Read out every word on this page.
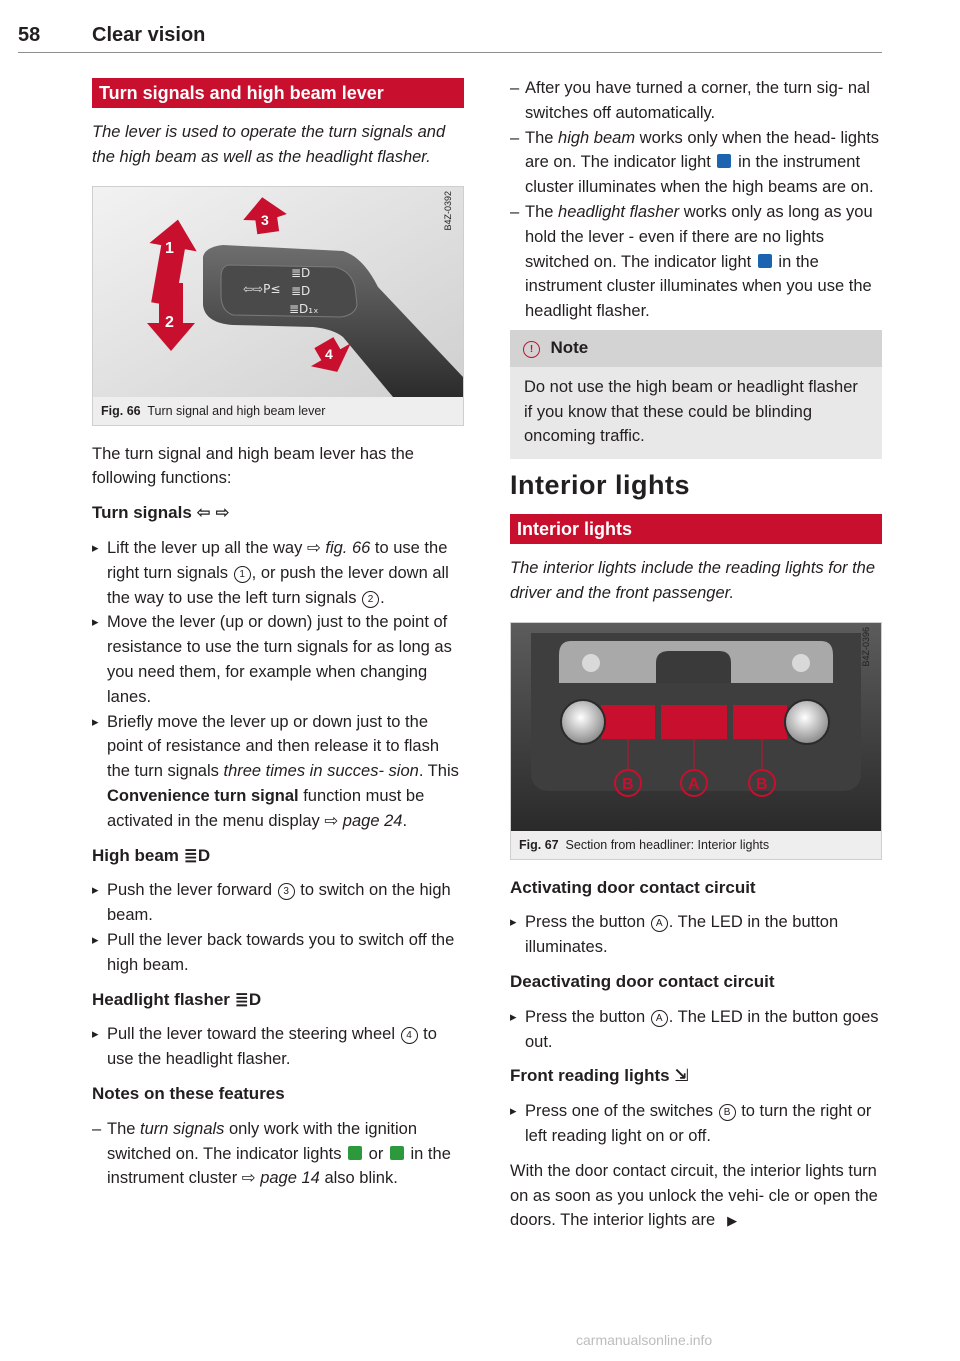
58	Clear vision
Turn signals and high beam lever

The lever is used to operate the turn signals and the high beam as well as the headlight flasher.

⇦⇨P≤
≣D
≣D
≣D₁ₓ
1
2
3
4
B4Z-0392
Fig. 66 Turn signal and high beam lever

The turn signal and high beam lever has the following functions:

Turn signals ⇦ ⇨

▸ Lift the lever up all the way ⇨ fig. 66 to use the right turn signals 1 , or push the lever down all the way to use the left turn signals 2 .

▸ Move the lever (up or down) just to the point of resistance to use the turn signals for as long as you need them, for example when changing lanes.

▸ Briefly move the lever up or down just to the point of resistance and then release it to flash the turn signals three times in succes- sion. This Convenience turn signal function must be activated in the menu display ⇨ page 24.

High beam ≣D

▸ Push the lever forward 3 to switch on the high beam.

▸ Pull the lever back towards you to switch off the high beam.

Headlight flasher ≣D

▸ Pull the lever toward the steering wheel 4 to use the headlight flasher.

Notes on these features

– The turn signals only work with the ignition switched on. The indicator lights  or  in the instrument cluster ⇨ page 14 also blink.

– After you have turned a corner, the turn sig- nal switches off automatically.

– The high beam works only when the head- lights are on. The indicator light  in the instrument cluster illuminates when the high beams are on.

– The headlight flasher works only as long as you hold the lever - even if there are no lights switched on. The indicator light  in the instrument cluster illuminates when you use the headlight flasher.

! Note
Do not use the high beam or headlight flasher if you know that these could be blinding oncoming traffic.
Interior lights
Interior lights

The interior lights include the reading lights for the driver and the front passenger.

B	A	B
B4Z-0396
Fig. 67 Section from headliner: Interior lights
Activating door contact circuit

▸ Press the button A . The LED in the button illuminates.

Deactivating door contact circuit

▸ Press the button A . The LED in the button goes out.

Front reading lights ⇲

▸ Press one of the switches B to turn the right or left reading light on or off.

With the door contact circuit, the interior lights turn on as soon as you unlock the vehi- cle or open the doors. The interior lights are ▶

carmanualsonline.info
